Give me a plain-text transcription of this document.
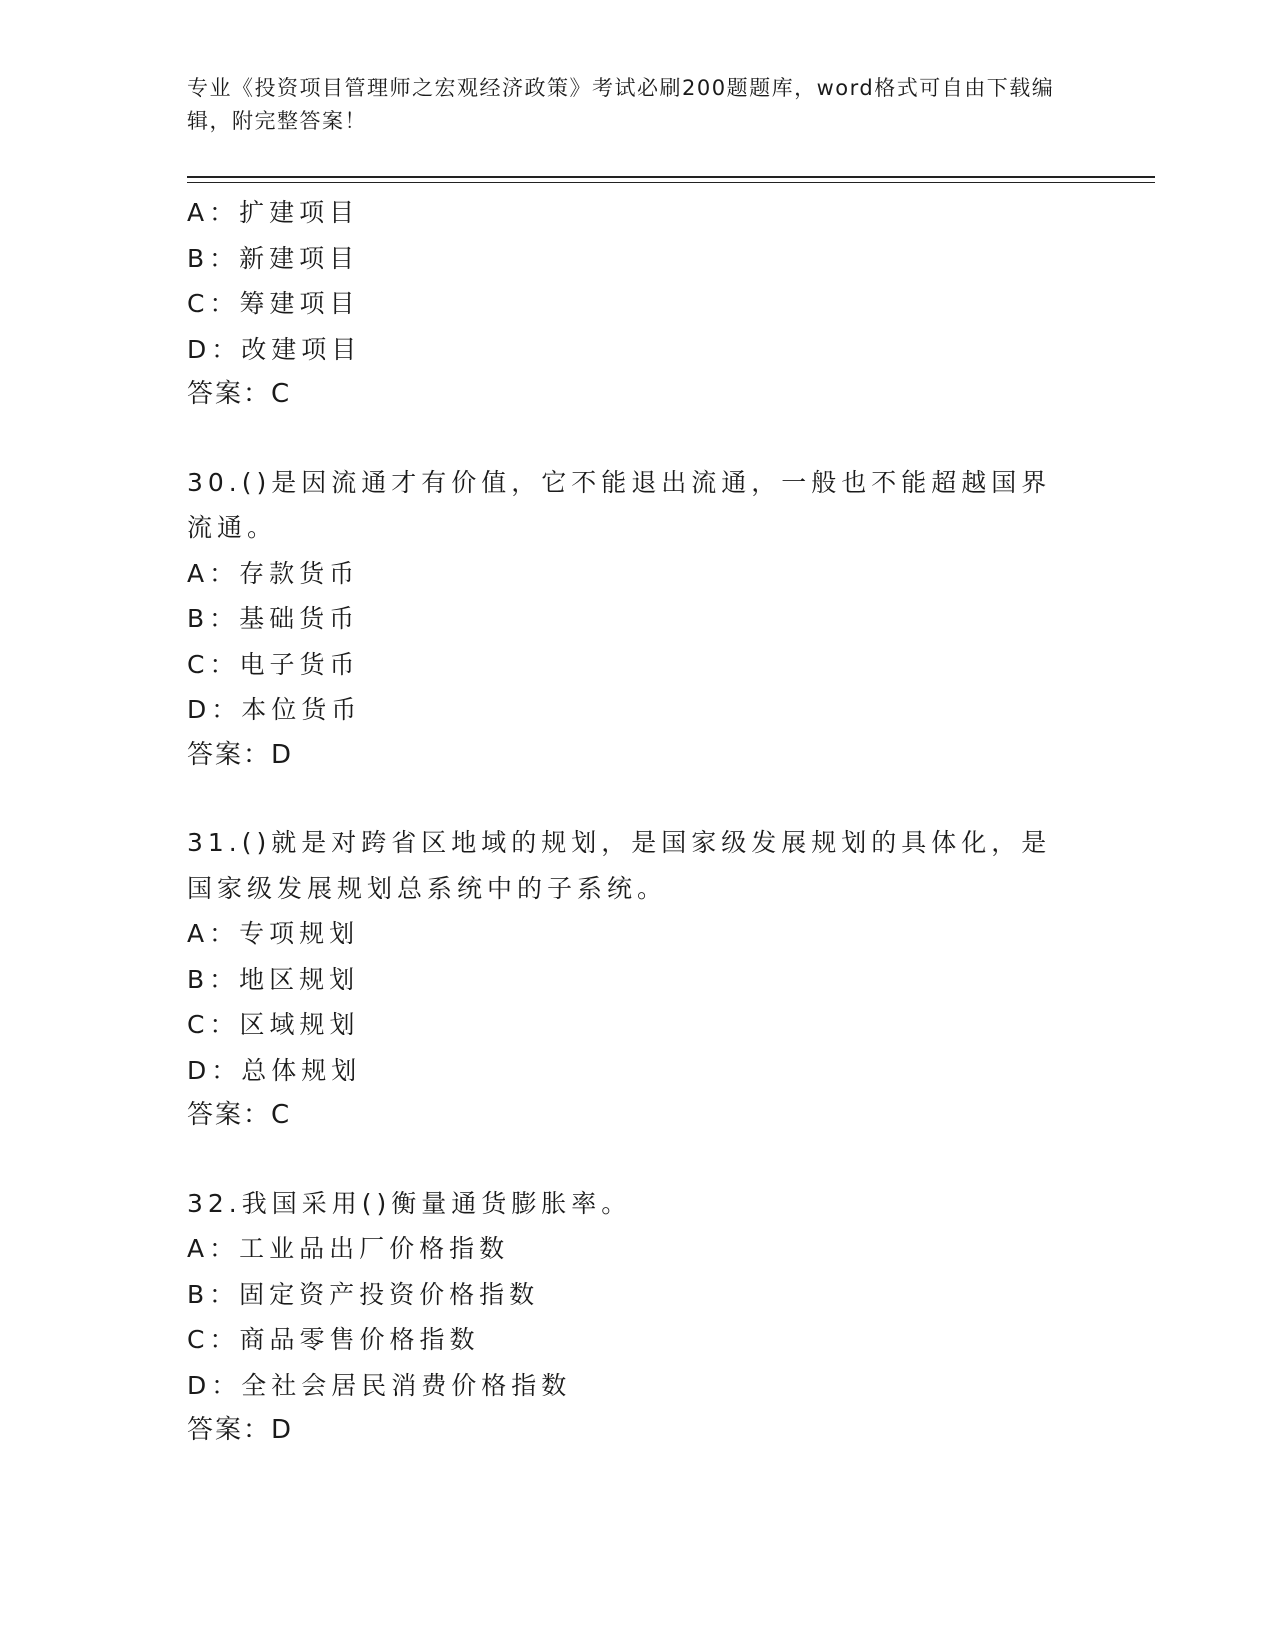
专业《投资项目管理师之宏观经济政策》考试必刷200题题库，word格式可自由下载编辑，附完整答案！
A：扩建项目
B：新建项目
C：筹建项目
D：改建项目
答案：C
30.()是因流通才有价值，它不能退出流通，一般也不能超越国界流通。
A：存款货币
B：基础货币
C：电子货币
D：本位货币
答案：D
31.()就是对跨省区地域的规划，是国家级发展规划的具体化，是国家级发展规划总系统中的子系统。
A：专项规划
B：地区规划
C：区域规划
D：总体规划
答案：C
32.我国采用()衡量通货膨胀率。
A：工业品出厂价格指数
B：固定资产投资价格指数
C：商品零售价格指数
D：全社会居民消费价格指数
答案：D
